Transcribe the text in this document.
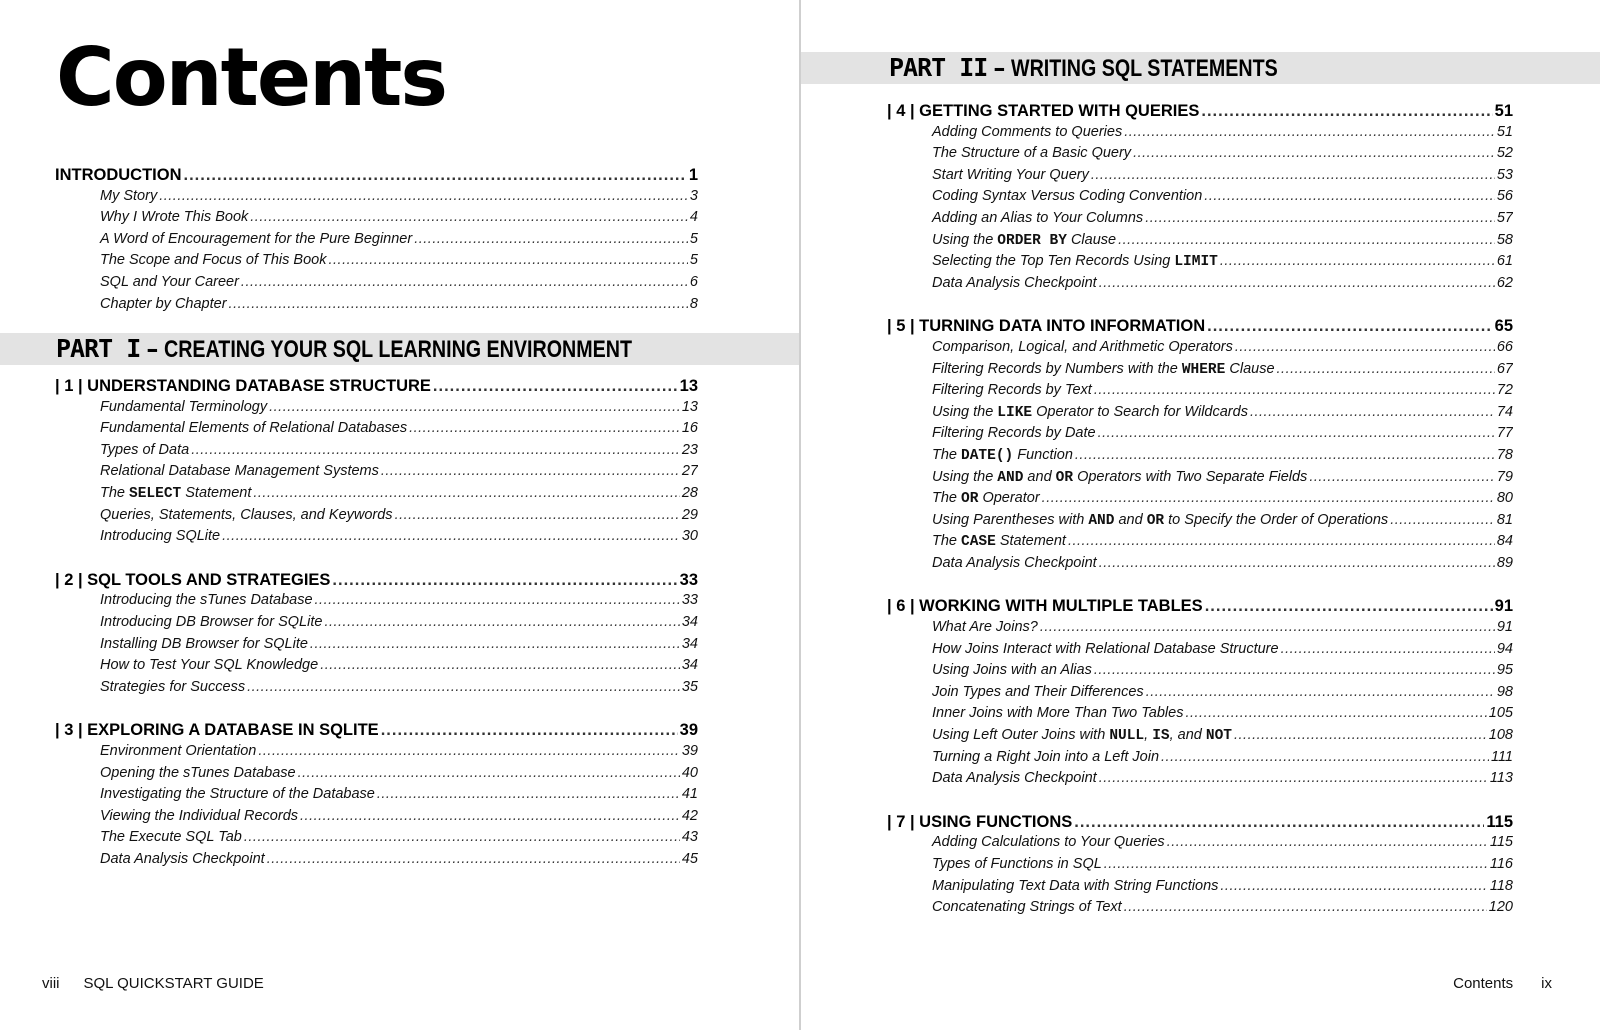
Contents
INTRODUCTION .....	1
My Story .....	3
Why I Wrote This Book .....	4
A Word of Encouragement for the Pure Beginner .....	5
The Scope and Focus of This Book .....	5
SQL and Your Career .....	6
Chapter by Chapter .....	8
PART I – CREATING YOUR SQL LEARNING ENVIRONMENT
| 1 | UNDERSTANDING DATABASE STRUCTURE .....	13
Fundamental Terminology .....	13
Fundamental Elements of Relational Databases .....	16
Types of Data .....	23
Relational Database Management Systems .....	27
The SELECT Statement .....	28
Queries, Statements, Clauses, and Keywords .....	29
Introducing SQLite .....	30
| 2 | SQL TOOLS AND STRATEGIES .....	33
Introducing the sTunes Database .....	33
Introducing DB Browser for SQLite .....	34
Installing DB Browser for SQLite .....	34
How to Test Your SQL Knowledge .....	34
Strategies for Success .....	35
| 3 | EXPLORING A DATABASE IN SQLITE .....	39
Environment Orientation .....	39
Opening the sTunes Database .....	40
Investigating the Structure of the Database .....	41
Viewing the Individual Records .....	42
The Execute SQL Tab .....	43
Data Analysis Checkpoint .....	45
viii SQL QUICKSTART GUIDE
PART II – WRITING SQL STATEMENTS
| 4 | GETTING STARTED WITH QUERIES .....	51
Adding Comments to Queries .....	51
The Structure of a Basic Query .....	52
Start Writing Your Query .....	53
Coding Syntax Versus Coding Convention .....	56
Adding an Alias to Your Columns .....	57
Using the ORDER BY Clause .....	58
Selecting the Top Ten Records Using LIMIT .....	61
Data Analysis Checkpoint .....	62
| 5 | TURNING DATA INTO INFORMATION .....	65
Comparison, Logical, and Arithmetic Operators .....	66
Filtering Records by Numbers with the WHERE Clause .....	67
Filtering Records by Text .....	72
Using the LIKE Operator to Search for Wildcards .....	74
Filtering Records by Date .....	77
The DATE() Function .....	78
Using the AND and OR Operators with Two Separate Fields .....	79
The OR Operator .....	80
Using Parentheses with AND and OR to Specify the Order of Operations .....	81
The CASE Statement .....	84
Data Analysis Checkpoint .....	89
| 6 | WORKING WITH MULTIPLE TABLES .....	91
What Are Joins? .....	91
How Joins Interact with Relational Database Structure .....	94
Using Joins with an Alias .....	95
Join Types and Their Differences .....	98
Inner Joins with More Than Two Tables .....	105
Using Left Outer Joins with NULL, IS, and NOT .....	108
Turning a Right Join into a Left Join .....	111
Data Analysis Checkpoint .....	113
| 7 | USING FUNCTIONS .....	115
Adding Calculations to Your Queries .....	115
Types of Functions in SQL .....	116
Manipulating Text Data with String Functions .....	118
Concatenating Strings of Text .....	120
Contents ix
